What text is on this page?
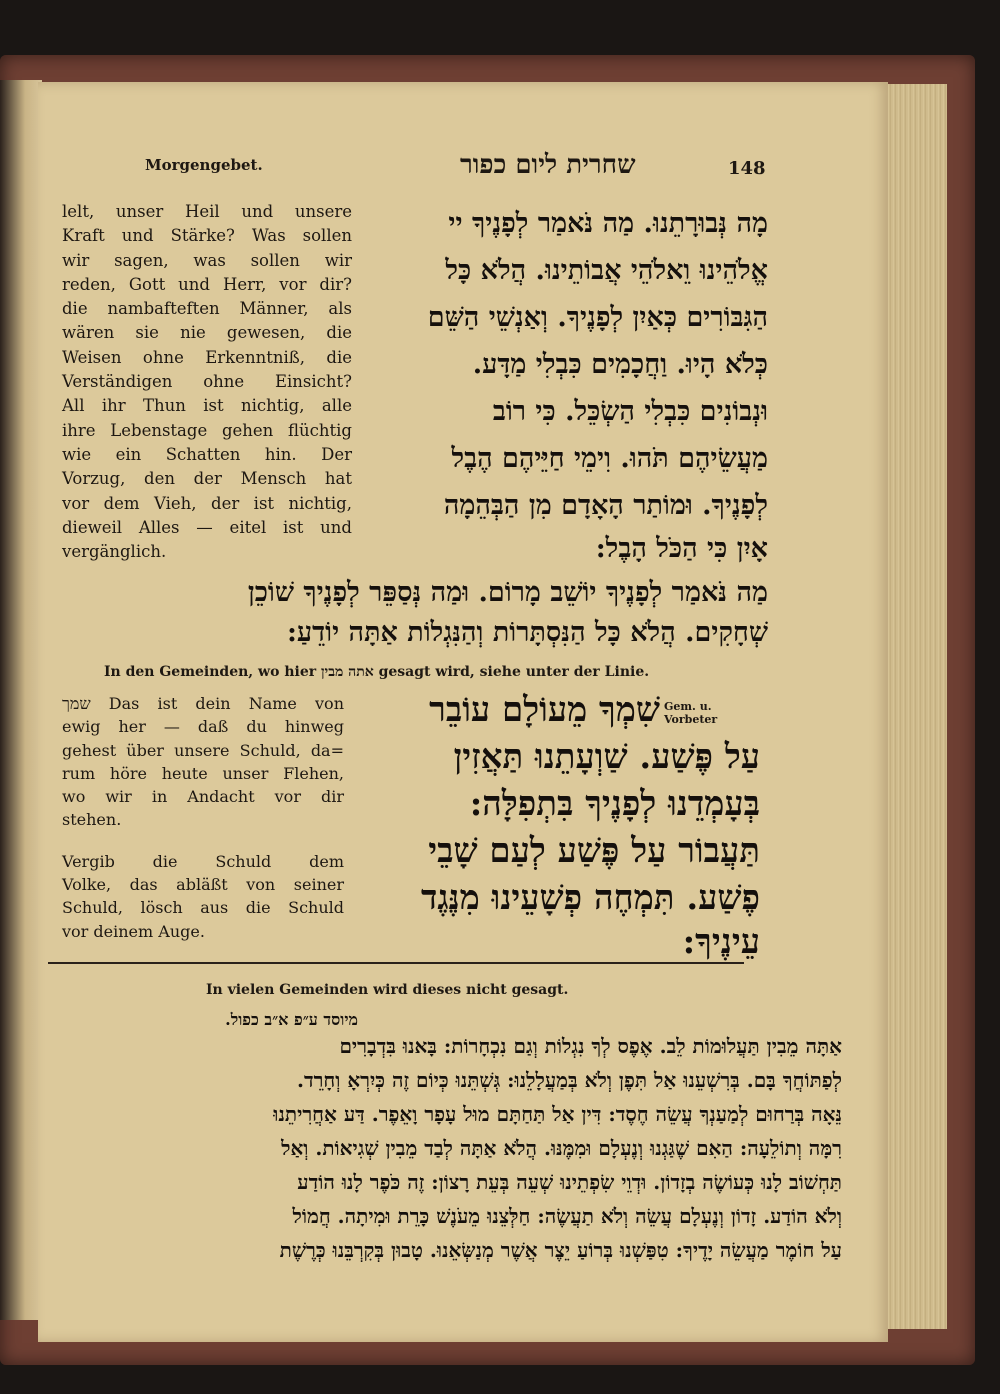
Morgengebet.	שחרית ליום כפור	148
lelt, unser Heil und unsere
Kraft und Stärke? Was sollen
wir sagen, was sollen wir
reden, Gott und Herr, vor dir?
die nambafteften Männer, als
wären sie nie gewesen, die
Weisen ohne Erkenntniß, die
Verständigen ohne Einsicht?
All ihr Thun ist nichtig, alle
ihre Lebenstage gehen flüchtig
wie ein Schatten hin. Der
Vorzug, den der Mensch hat
vor dem Vieh, der ist nichtig,
dieweil Alles — eitel ist und
vergänglich.
מָה נְּבוּרָתֵנוּ. מַה נֹּאמַר לְפָנֶיךָ יי
אֱלֹהֵינוּ וֵאלֹהֵי אֲבוֹתֵינוּ. הֲלֹא כָּל
הַגִּבּוֹרִים כְּאַיִן לְפָנֶיךָ. וְאַנְשֵׁי הַשֵּׁם
כְּלֹא הָיוּ. וַחֲכָמִים כִּבְלִי מַדָּע.
וּנְבוֹנִים כִּבְלִי הַשְׂכֵּל. כִּי רוֹב
מַעֲשֵׂיהֶם תֹּהוּ. וִימֵי חַיֵּיהֶם הֶבֶל
לְפָנֶיךָ. וּמוֹתַר הָאָדָם מִן הַבְּהֵמָה
אָיִן כִּי הַכֹּל הָבֶל:
מַה נֹּאמַר לְפָנֶיךָ יוֹשֵׁב מָרוֹם. וּמַה נְּסַפֵּר לְפָנֶיךָ שׁוֹכֵן
שְׁחָקִים. הֲלֹא כָּל הַנִּסְתָּרוֹת וְהַנִּגְלוֹת אַתָּה יוֹדֵעַ:
In den Gemeinden, wo hier אתה מבין gesagt wird, siehe unter der Linie.
Gem. u.
Vorbeter
שמך Das ist dein Name von
ewig her — daß du hinweg
gehest über unsere Schuld, da=
rum höre heute unser Flehen,
wo wir in Andacht vor dir
stehen.
Vergib die Schuld dem
Volke, das abläßt von seiner
Schuld, lösch aus die Schuld
vor deinem Auge.
שִׁמְךָ מֵעוֹלָם עוֹבֵר
עַל פֶּשַׁע. שַׁוְעָתֵנוּ תַּאֲזִין
בְּעָמְדֵנוּ לְפָנֶיךָ בִּתְפִלָּה:
תַּעֲבוֹר עַל פֶּשַׁע לְעַם שָׁבֵי
פֶשַׁע. תִּמְחֶה פְשָׁעֵינוּ מִנֶּגֶד
עֵינֶיךָ:
In vielen Gemeinden wird dieses nicht gesagt.
מיוסד ע״פ א״ב כפול.
אַתָּה מֵבִין תַּעֲלוּמוֹת לֵב. אֶפֶס לְךָ נִגְלוֹת וְגַם נִכְחָרוֹת: בָּאנוּ בִּדְבָרִים
לְפַתּוֹחֲךָ בָּם. בְּרִשְׁעֵנוּ אַל תִּפֶן וְלֹא בְּמַעֲלָלֵנוּ: גְּשְׁתֵּנוּ כְּיוֹם זֶה כְּיִרְאָ וְחָרֵד.
נֵּאָה בְּרַחוּם לְמַעַנְךָ עֲשֵׂה חֶסֶד: דִּין אַל תַּחַתָּם מוּל עָפָר וָאֵפֶר. דַּע אַחֲרִיתֵנוּ
רִמָּה וְתוֹלֵעָה: הַאִם שֶׁגַּגְנוּ וְנֶעְלָם וּמִמֶּנּוּ. הֲלֹא אַתָּה לְבַד מֵבִין שְׁגִיאוֹת. וְאַל
תַּחְשׁוֹב לָנוּ כְּעוֹשֶׂה בְזָדוֹן. וּדְוֵי שִׂפְתֵינוּ שְׁעֵה בְּעֵת רָצוֹן: זֶה כֹּפֶר לָנוּ הוֹדַע
וְלֹא הוֹדַע. זָדוֹן וְנֶעְלָם עֲשֵׂה וְלֹא תַעֲשֶׂה: חַלְּצֵנוּ מֵעֹנֶשׁ כָּרֵת וּמִיתָה. חֲמוֹל
עַל חוֹמֶר מַעֲשֵׂה יָדֶיךָ: טִפַּשְׁנוּ בְּרוֹעַ יֵצֶר אֲשֶׁר מְנַשְּׂאֵנוּ. טָבוּן בְּקִרְבֵּנוּ כְּרֶשֶׁת
